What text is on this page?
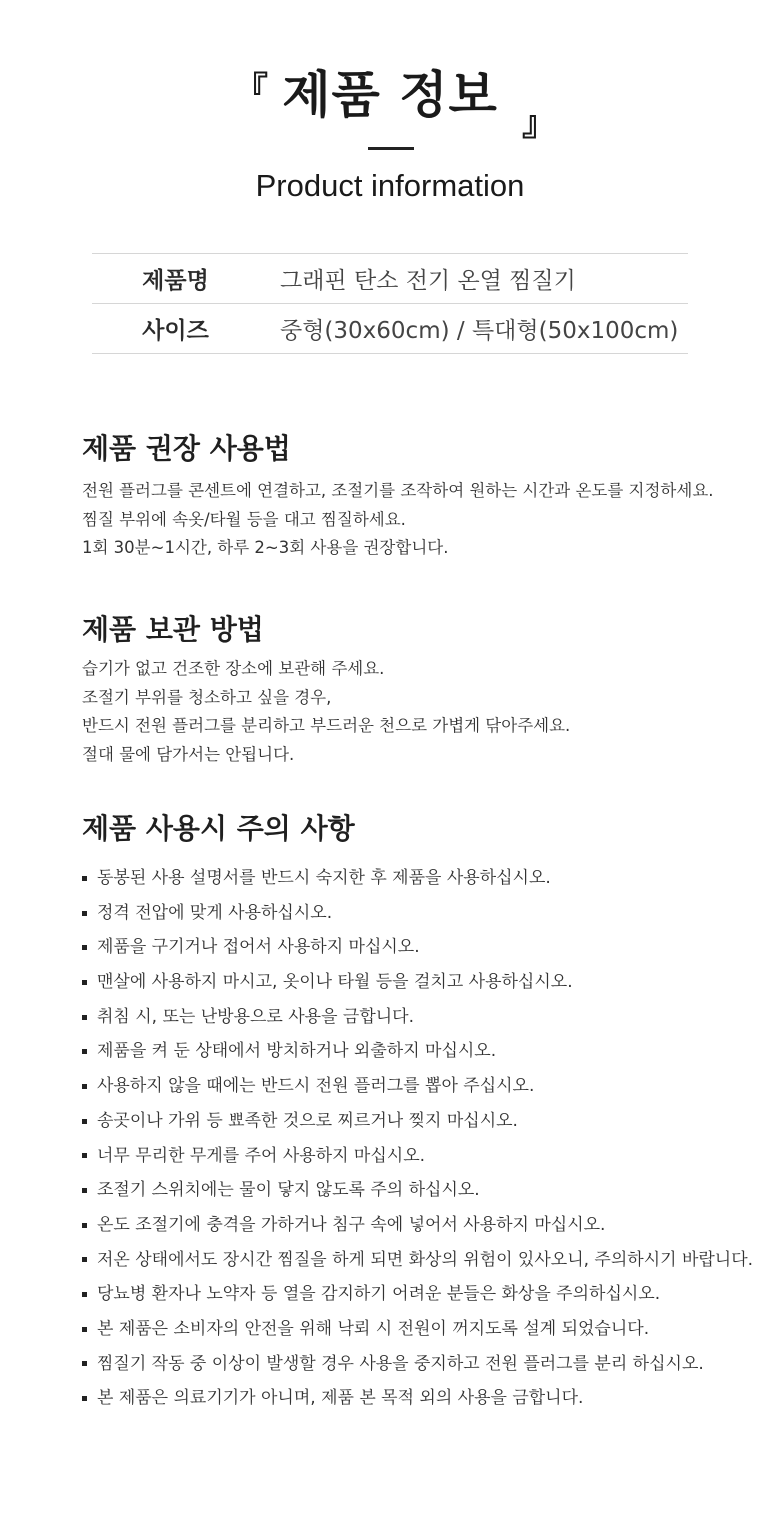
제품 정보
『
』
Product information
제품명	그래핀 탄소 전기 온열 찜질기
사이즈	중형(30x60cm) / 특대형(50x100cm)
제품 권장 사용법
전원 플러그를 콘센트에 연결하고, 조절기를 조작하여 원하는 시간과 온도를 지정하세요.
찜질 부위에 속옷/타월 등을 대고 찜질하세요.
1회 30분~1시간, 하루 2~3회 사용을 권장합니다.
제품 보관 방법
습기가 없고 건조한 장소에 보관해 주세요.
조절기 부위를 청소하고 싶을 경우,
반드시 전원 플러그를 분리하고 부드러운 천으로 가볍게 닦아주세요.
절대 물에 담가서는 안됩니다.
제품 사용시 주의 사항
동봉된 사용 설명서를 반드시 숙지한 후 제품을 사용하십시오.
정격 전압에 맞게 사용하십시오.
제품을 구기거나 접어서 사용하지 마십시오.
맨살에 사용하지 마시고, 옷이나 타월 등을 걸치고 사용하십시오.
취침 시, 또는 난방용으로 사용을 금합니다.
제품을 켜 둔 상태에서 방치하거나 외출하지 마십시오.
사용하지 않을 때에는 반드시 전원 플러그를 뽑아 주십시오.
송곳이나 가위 등 뾰족한 것으로 찌르거나 찢지 마십시오.
너무 무리한 무게를 주어 사용하지 마십시오.
조절기 스위치에는 물이 닿지 않도록 주의 하십시오.
온도 조절기에 충격을 가하거나 침구 속에 넣어서 사용하지 마십시오.
저온 상태에서도 장시간 찜질을 하게 되면 화상의 위험이 있사오니, 주의하시기 바랍니다.
당뇨병 환자나 노약자 등 열을 감지하기 어려운 분들은 화상을 주의하십시오.
본 제품은 소비자의 안전을 위해 낙뢰 시 전원이 꺼지도록 설계 되었습니다.
찜질기 작동 중 이상이 발생할 경우 사용을 중지하고 전원 플러그를 분리 하십시오.
본 제품은 의료기기가 아니며, 제품 본 목적 외의 사용을 금합니다.
